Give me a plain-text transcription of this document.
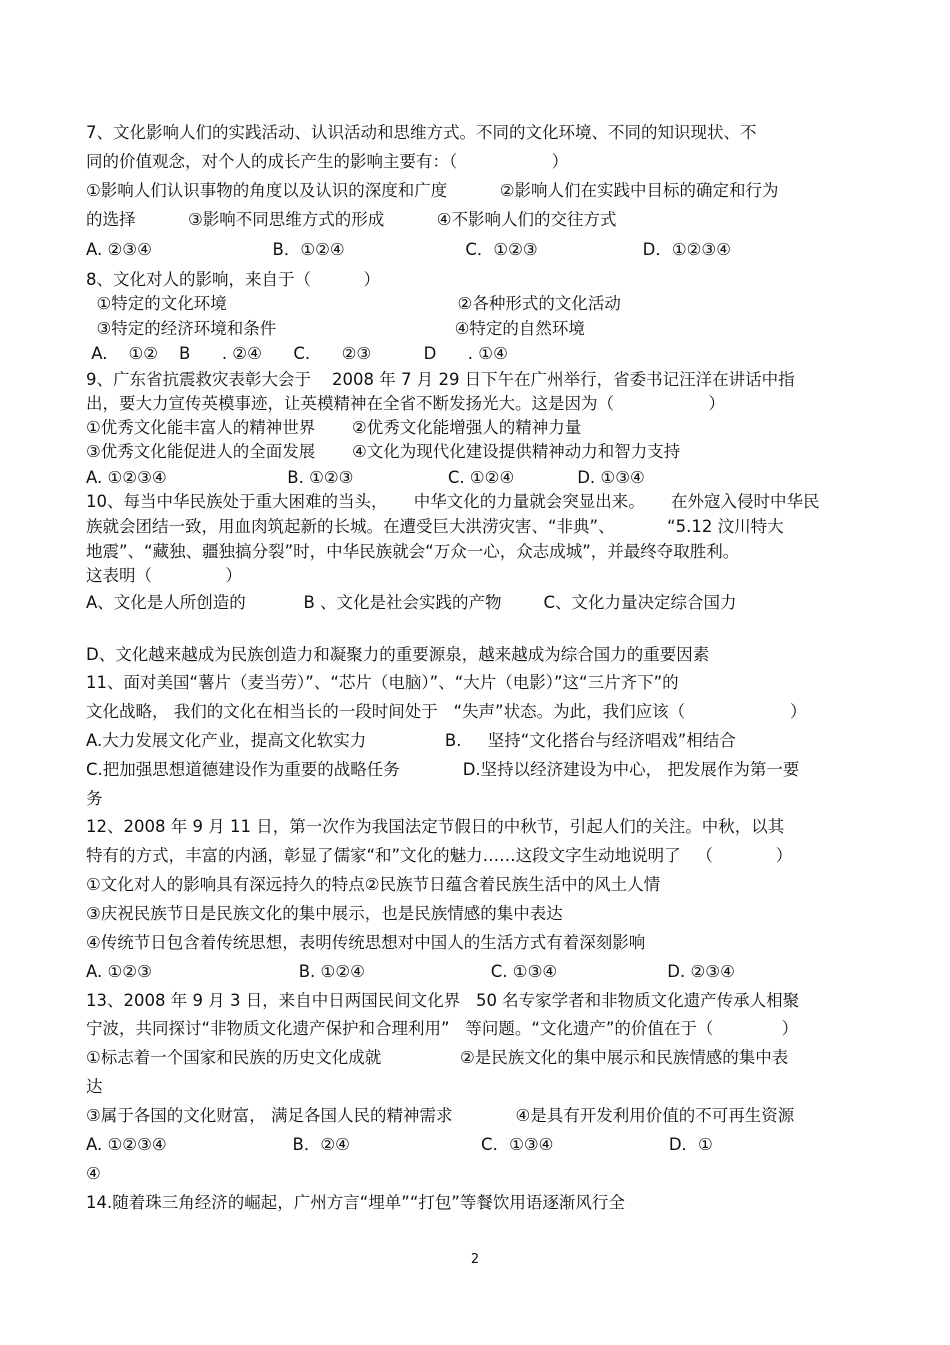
7、文化影响人们的实践活动、认识活动和思维方式。不同的文化环境、不同的知识现状、不
同的价值观念，对个人的成长产生的影响主要有：（                  ）
①影响人们认识事物的角度以及认识的深度和广度          ②影响人们在实践中目标的确定和行为
的选择          ③影响不同思维方式的形成          ④不影响人们的交往方式
A. ②③④                       B．①②④                       C．①②③                    D．①②③④
8、文化对人的影响，来自于（          ）
①特定的文化环境                                            ②各种形式的文化活动
③特定的经济环境和条件                                  ④特定的自然环境
A.    ①②    B      . ②④      C.      ②③          D      . ①④
9、广东省抗震救灾表彰大会于    2008 年 7 月 29 日下午在广州举行，省委书记汪洋在讲话中指
出，要大力宣传英模事迹，让英模精神在全省不断发扬光大。这是因为（                  ）
①优秀文化能丰富人的精神世界       ②优秀文化能增强人的精神力量
③优秀文化能促进人的全面发展       ④文化为现代化建设提供精神动力和智力支持
A. ①②③④                       B. ①②③                  C. ①②④            D. ①③④
10、每当中华民族处于重大困难的当头，     中华文化的力量就会突显出来。     在外寇入侵时中华民
族就会团结一致，用血肉筑起新的长城。在遭受巨大洪涝灾害、“非典”、          “5.12 汶川特大
地震”、“藏独、疆独搞分裂”时，中华民族就会“万众一心，众志成城”，并最终夺取胜利。
这表明（              ）
A、文化是人所创造的           B 、文化是社会实践的产物        C、文化力量决定综合国力
D、文化越来越成为民族创造力和凝聚力的重要源泉，越来越成为综合国力的重要因素
11、面对美国“薯片（麦当劳）”、“芯片（电脑）”、“大片（电影）”这“三片齐下”的
文化战略， 我们的文化在相当长的一段时间处于   “失声”状态。为此，我们应该（                    ）
A.大力发展文化产业，提高文化软实力               B.     坚持“文化搭台与经济唱戏”相结合
C.把加强思想道德建设作为重要的战略任务            D.坚持以经济建设为中心， 把发展作为第一要
务
12、2008 年 9 月 11 日，第一次作为我国法定节假日的中秋节，引起人们的关注。中秋，以其
特有的方式，丰富的内涵，彰显了儒家“和”文化的魅力……这段文字生动地说明了   （            ）
①文化对人的影响具有深远持久的特点②民族节日蕴含着民族生活中的风土人情
③庆祝民族节日是民族文化的集中展示，也是民族情感的集中表达
④传统节日包含着传统思想，表明传统思想对中国人的生活方式有着深刻影响
A. ①②③                            B. ①②④                        C. ①③④                     D. ②③④
13、2008 年 9 月 3 日，来自中日两国民间文化界   50 名专家学者和非物质文化遗产传承人相聚
宁波，共同探讨“非物质文化遗产保护和合理利用”   等问题。“文化遗产”的价值在于（             ）
①标志着一个国家和民族的历史文化成就               ②是民族文化的集中展示和民族情感的集中表
达
③属于各国的文化财富， 满足各国人民的精神需求            ④是具有开发利用价值的不可再生资源
A. ①②③④                        B．②④                         C．①③④                      D．①
④
14.随着珠三角经济的崛起，广州方言“埋单”“打包”等餐饮用语逐渐风行全
2
